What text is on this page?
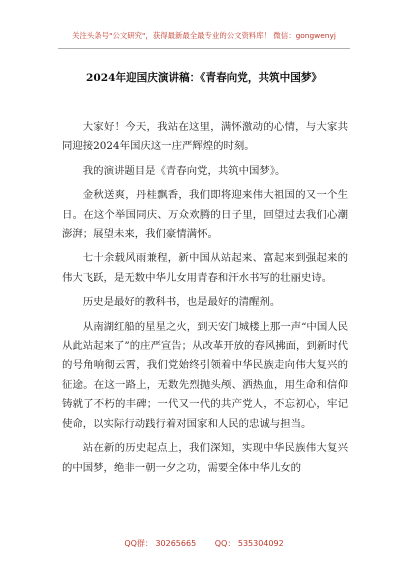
关注头条号"公文研究"，获得最新最全最专业的公文资料库！ 微信：gongwenyj
2024年迎国庆演讲稿：《青春向党，共筑中国梦》

大家好！今天，我站在这里，满怀激动的心情，与大家共同迎接2024年国庆这一庄严辉煌的时刻。

我的演讲题目是《青春向党，共筑中国梦》。

金秋送爽，丹桂飘香，我们即将迎来伟大祖国的又一个生日。在这个举国同庆、万众欢腾的日子里，回望过去我们心潮澎湃；展望未来，我们豪情满怀。

七十余载风雨兼程，新中国从站起来、富起来到强起来的伟大飞跃，是无数中华儿女用青春和汗水书写的壮丽史诗。

历史是最好的教科书，也是最好的清醒剂。

从南湖红船的星星之火，到天安门城楼上那一声“中国人民从此站起来了”的庄严宣告；从改革开放的春风拂面，到新时代的号角响彻云霄，我们党始终引领着中华民族走向伟大复兴的征途。在这一路上，无数先烈抛头颅、洒热血，用生命和信仰铸就了不朽的丰碑；一代又一代的共产党人，不忘初心，牢记使命，以实际行动践行着对国家和人民的忠诚与担当。

站在新的历史起点上，我们深知，实现中华民族伟大复兴的中国梦，绝非一朝一夕之功，需要全体中华儿女的

QQ群： 30265665 QQ： 535304092
